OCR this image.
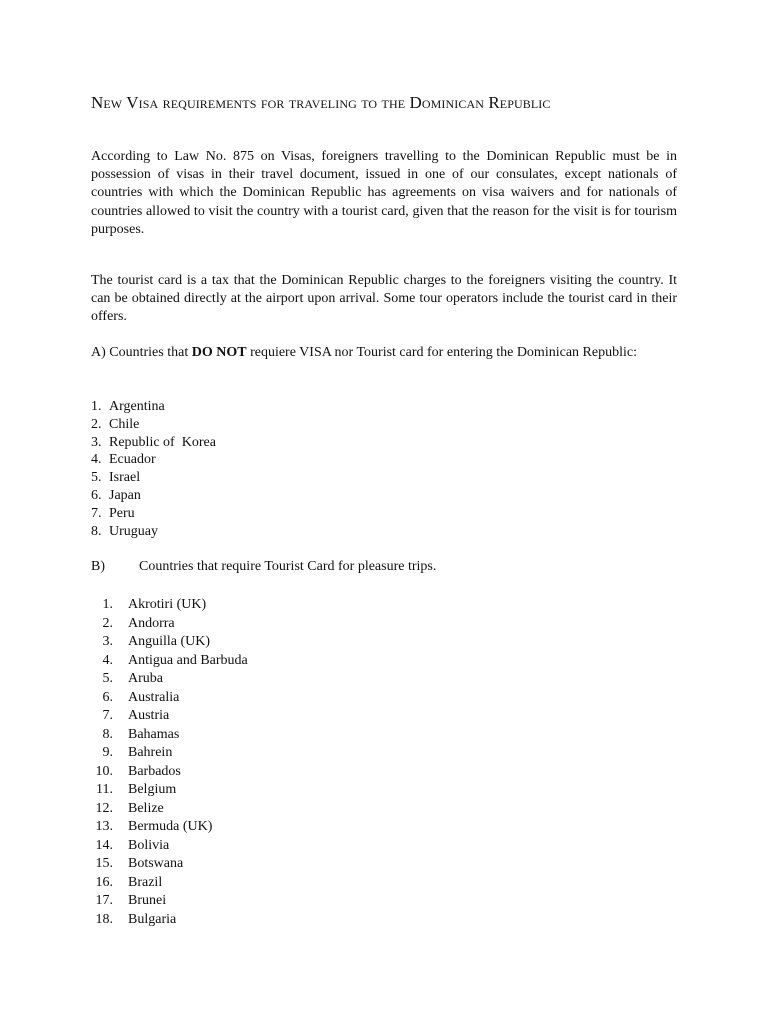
New Visa requirements for traveling to the Dominican Republic

According to Law No. 875 on Visas, foreigners travelling to the Dominican Republic must be in possession of visas in their travel document, issued in one of our consulates, except nationals of countries with which the Dominican Republic has agreements on visa waivers and for nationals of countries allowed to visit the country with a tourist card, given that the reason for the visit is for tourism purposes.

The tourist card is a tax that the Dominican Republic charges to the foreigners visiting the country. It can be obtained directly at the airport upon arrival. Some tour operators include the tourist card in their offers.

A) Countries that DO NOT requiere VISA nor Tourist card for entering the Dominican Republic:

1. Argentina
2. Chile
3. Republic of  Korea
4. Ecuador
5. Israel
6. Japan
7. Peru
8. Uruguay

B) Countries that require Tourist Card for pleasure trips.

1. Akrotiri (UK)
2. Andorra
3. Anguilla (UK)
4. Antigua and Barbuda
5. Aruba
6. Australia
7. Austria
8. Bahamas
9. Bahrein
10. Barbados
11. Belgium
12. Belize
13. Bermuda (UK)
14. Bolivia
15. Botswana
16. Brazil
17. Brunei
18. Bulgaria
